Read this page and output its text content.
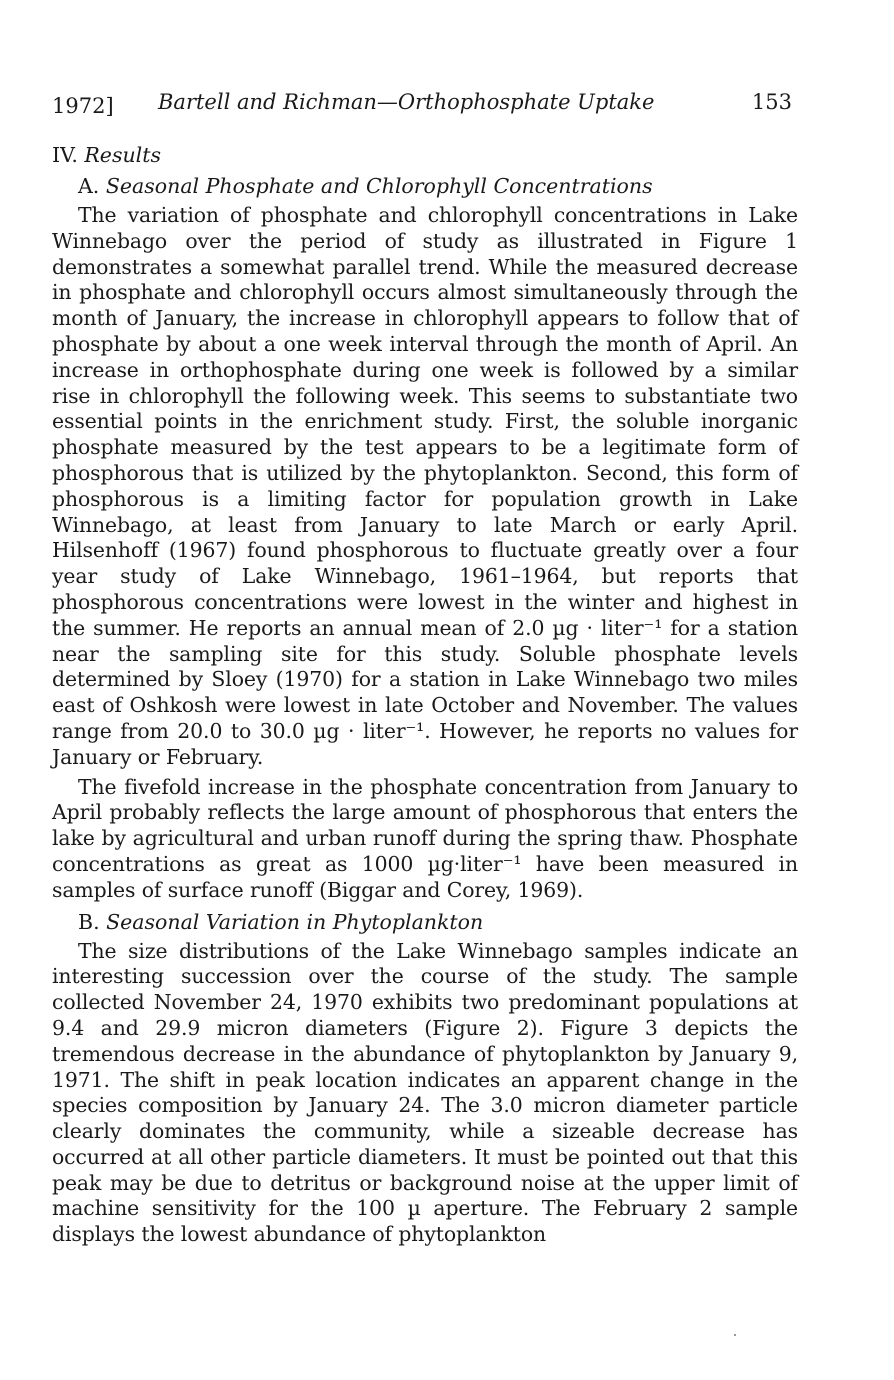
1972] Bartell and Richman—Orthophosphate Uptake	153
IV. Results
A. Seasonal Phosphate and Chlorophyll Concentrations

The variation of phosphate and chlorophyll concentrations in Lake Winnebago over the period of study as illustrated in Figure 1 demonstrates a somewhat parallel trend. While the measured decrease in phosphate and chlorophyll occurs almost simultaneously through the month of January, the increase in chlorophyll appears to follow that of phosphate by about a one week interval through the month of April. An increase in orthophosphate during one week is followed by a similar rise in chlorophyll the following week. This seems to substantiate two essential points in the enrichment study. First, the soluble inorganic phosphate measured by the test appears to be a legitimate form of phosphorous that is utilized by the phytoplankton. Second, this form of phosphorous is a limiting factor for population growth in Lake Winnebago, at least from January to late March or early April. Hilsenhoff (1967) found phosphorous to fluctuate greatly over a four year study of Lake Winnebago, 1961–1964, but reports that phosphorous concentrations were lowest in the winter and highest in the summer. He reports an annual mean of 2.0 µg · liter⁻¹ for a station near the sampling site for this study. Soluble phosphate levels determined by Sloey (1970) for a station in Lake Winnebago two miles east of Oshkosh were lowest in late October and November. The values range from 20.0 to 30.0 µg · liter⁻¹. However, he reports no values for January or February.

The fivefold increase in the phosphate concentration from January to April probably reflects the large amount of phosphorous that enters the lake by agricultural and urban runoff during the spring thaw. Phosphate concentrations as great as 1000 µg·liter⁻¹ have been measured in samples of surface runoff (Biggar and Corey, 1969).

B. Seasonal Variation in Phytoplankton

The size distributions of the Lake Winnebago samples indicate an interesting succession over the course of the study. The sample collected November 24, 1970 exhibits two predominant populations at 9.4 and 29.9 micron diameters (Figure 2). Figure 3 depicts the tremendous decrease in the abundance of phytoplankton by January 9, 1971. The shift in peak location indicates an apparent change in the species composition by January 24. The 3.0 micron diameter particle clearly dominates the community, while a sizeable decrease has occurred at all other particle diameters. It must be pointed out that this peak may be due to detritus or background noise at the upper limit of machine sensitivity for the 100 µ aperture. The February 2 sample displays the lowest abundance of phytoplankton
